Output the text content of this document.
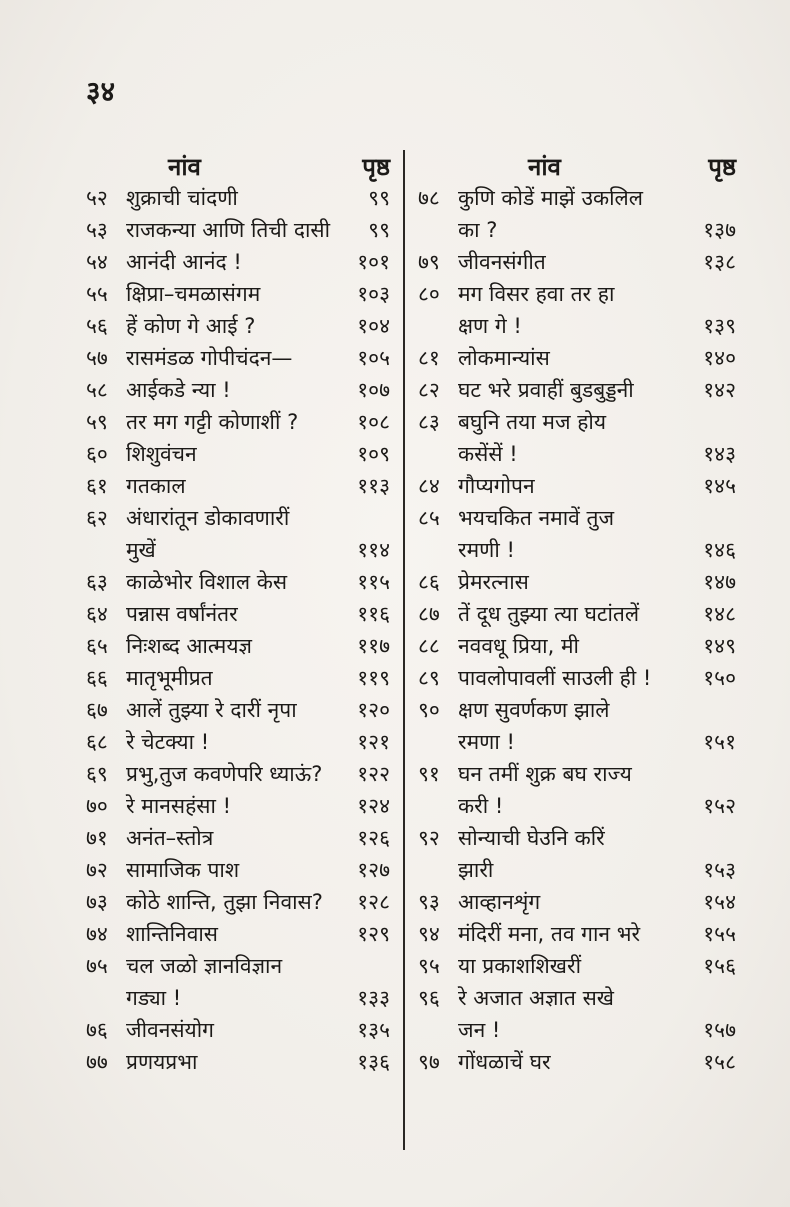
३४
नांव	पृष्ठ
५२ शुक्राची चांदणी	९९
५३ राजकन्या आणि तिची दासी	९९
५४ आनंदी आनंद !	१०१
५५ क्षिप्रा–चमळासंगम	१०३
५६ हें कोण गे आई ?	१०४
५७ रासमंडळ गोपीचंदन—	१०५
५८ आईकडे न्या !	१०७
५९ तर मग गट्टी कोणाशीं ?	१०८
६० शिशुवंचन	१०९
६१ गतकाल	११३
६२ अंधारांतून डोकावणारीं
मुखें	११४
६३ काळेभोर विशाल केस	११५
६४ पन्नास वर्षांनंतर	११६
६५ निःशब्द आत्मयज्ञ	११७
६६ मातृभूमीप्रत	११९
६७ आलें तुझ्या रे दारीं नृपा	१२०
६८ रे चेटक्या !	१२१
६९ प्रभु,तुज कवणेपरि ध्याऊं?	१२२
७० रे मानसहंसा !	१२४
७१ अनंत–स्तोत्र	१२६
७२ सामाजिक पाश	१२७
७३ कोठे शान्ति, तुझा निवास?	१२८
७४ शान्तिनिवास	१२९
७५ चल जळो ज्ञानविज्ञान
गड्या !	१३३
७६ जीवनसंयोग	१३५
७७ प्रणयप्रभा	१३६
नांव	पृष्ठ
७८ कुणि कोडें माझें उकलिल
का ?	१३७
७९ जीवनसंगीत	१३८
८० मग विसर हवा तर हा
क्षण गे !	१३९
८१ लोकमान्यांस	१४०
८२ घट भरे प्रवाहीं बुडबुड्डनी	१४२
८३ बघुनि तया मज होय
कसेंसें !	१४३
८४ गौप्यगोपन	१४५
८५ भयचकित नमावें तुज
रमणी !	१४६
८६ प्रेमरत्नास	१४७
८७ तें दूध तुझ्या त्या घटांतलें	१४८
८८ नववधू प्रिया, मी	१४९
८९ पावलोपावलीं साउली ही !	१५०
९० क्षण सुवर्णकण झाले
रमणा !	१५१
९१ घन तमीं शुक्र बघ राज्य
करी !	१५२
९२ सोन्याची घेउनि करिं
झारी	१५३
९३ आव्हानशृंग	१५४
९४ मंदिरीं मना, तव गान भरे	१५५
९५ या प्रकाशशिखरीं	१५६
९६ रे अजात अज्ञात सखे
जन !	१५७
९७ गोंधळाचें घर	१५८
